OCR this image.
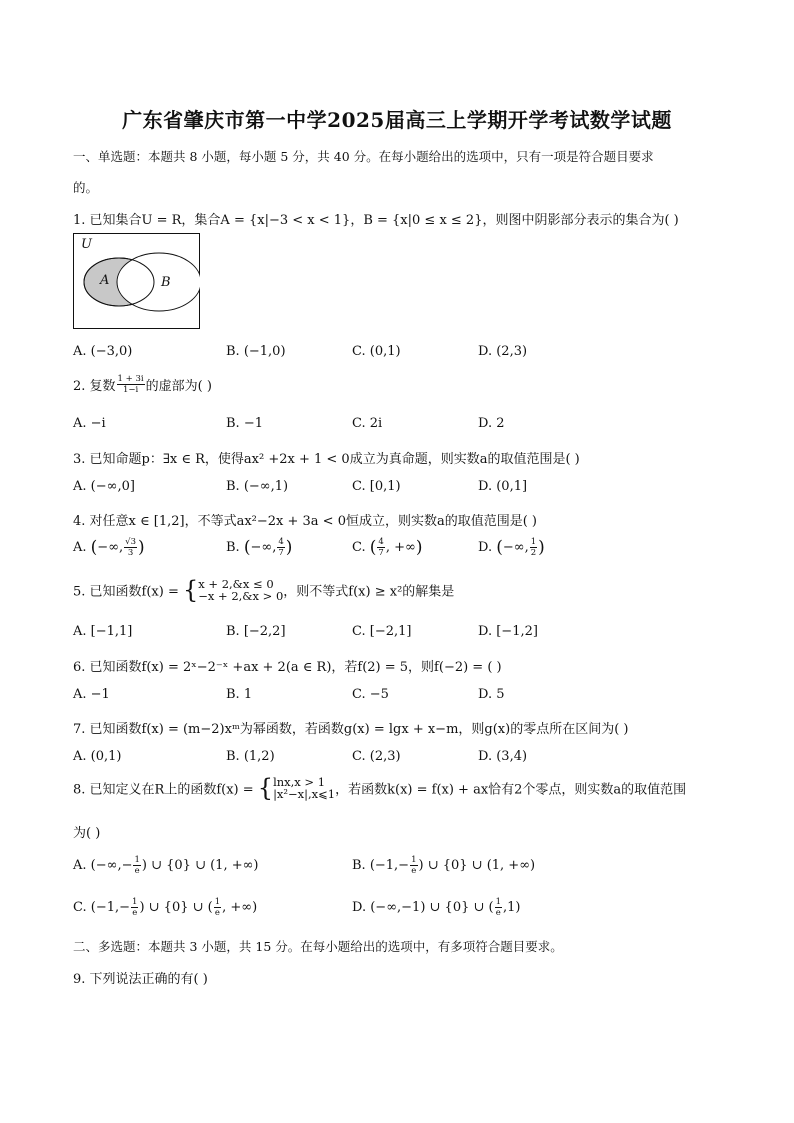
广东省肇庆市第一中学2025届高三上学期开学考试数学试题
一、单选题：本题共 8 小题，每小题 5 分，共 40 分。在每小题给出的选项中，只有一项是符合题目要求
的。
1. 已知集合U = R，集合A = {x|−3 < x < 1}，B = {x|0 ≤ x ≤ 2}，则图中阴影部分表示的集合为( )
U
A	B
A. (−3,0)	B. (−1,0)	C. (0,1)	D. (2,3)
2. 复数 $\frac{1 + 3i}{1-i}$ 的虚部为( )
A. −i	B. −1	C. 2i	D. 2
3. 已知命题p：∃x ∈ R，使得ax² +2x + 1 < 0成立为真命题，则实数a的取值范围是( )
A. (−∞,0]	B. (−∞,1)	C. [0,1)	D. (0,1]
4. 对任意x ∈ [1,2]，不等式ax²−2x + 3a < 0恒成立，则实数a的取值范围是( )
A. (−∞, $\frac{√3}{3}$ )	B. (−∞, $\frac{4}{7}$ )	C. ( $\frac{4}{7}$ , +∞)	D. (−∞, $\frac{1}{2}$ )
5. 已知函数f(x) = { x + 2,&x ≤ 0
−x + 2,&x > 0 ，则不等式f(x) ≥ x²的解集是
A. [−1,1]	B. [−2,2]	C. [−2,1]	D. [−1,2]
6. 已知函数f(x) = 2ˣ−2⁻ˣ +ax + 2(a ∈ R)，若f(2) = 5，则f(−2) = ( )
A. −1	B. 1	C. −5	D. 5
7. 已知函数f(x) = (m−2)xᵐ为幂函数，若函数g(x) = lgx + x−m，则g(x)的零点所在区间为( )
A. (0,1)	B. (1,2)	C. (2,3)	D. (3,4)
8. 已知定义在R上的函数f(x) = { lnx,x > 1
|x²−x|,x⩽1 ，若函数k(x) = f(x) + ax恰有2个零点，则实数a的取值范围
为( )
A. (−∞,− $\frac{1}{e}$ ) ∪ {0} ∪ (1, +∞)	B. ($-1,- \frac{1}{e}$ ) ∪ {0} ∪ (1, +∞)
C. ($-1,- \frac{1}{e}$ ) ∪ {0} ∪ ( $\frac{1}{e}$ , +∞)	D. (−∞,−1) ∪ {0} ∪ ( $\frac{1}{e} ,1$)
二、多选题：本题共 3 小题，共 15 分。在每小题给出的选项中，有多项符合题目要求。
9. 下列说法正确的有( )
